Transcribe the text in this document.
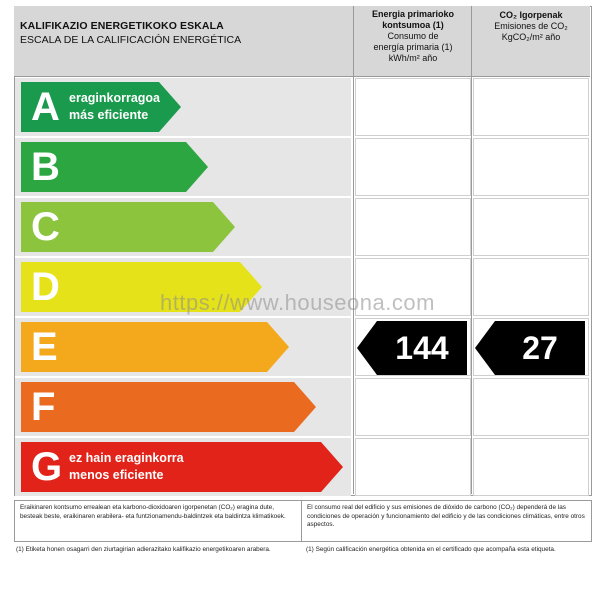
KALIFIKAZIO ENERGETIKOKO ESKALA
ESCALA DE LA CALIFICACIÓN ENERGÉTICA
Energia primarioko
kontsumoa (1)
Consumo de
energía primaria (1)
kWh/m² año
CO₂ Igorpenak
Emisiones de CO₂
KgCO₂/m² año
A eraginkorragoa
más eficiente
B
C
D
E	144	27
F
G ez hain eraginkorra
menos eficiente
https://www.houseona.com
Eraikinaren kontsumo errealean eta karbono-dioxidoaren igorpenetan (CO₂) eragina dute, besteak beste, eraikinaren erabilera- eta funtzionamendu-baldintzek eta baldintza klimatikoek.
El consumo real del edificio y sus emisiones de dióxido de carbono (CO₂) dependerá de las condiciones de operación y funcionamiento del edificio y de las condiciones climáticas, entre otros aspectos.
(1) Etiketa honen osagarri den ziurtagirian adierazitako kalifikazio energetikoaren arabera.	(1) Según calificación energética obtenida en el certificado que acompaña esta etiqueta.
